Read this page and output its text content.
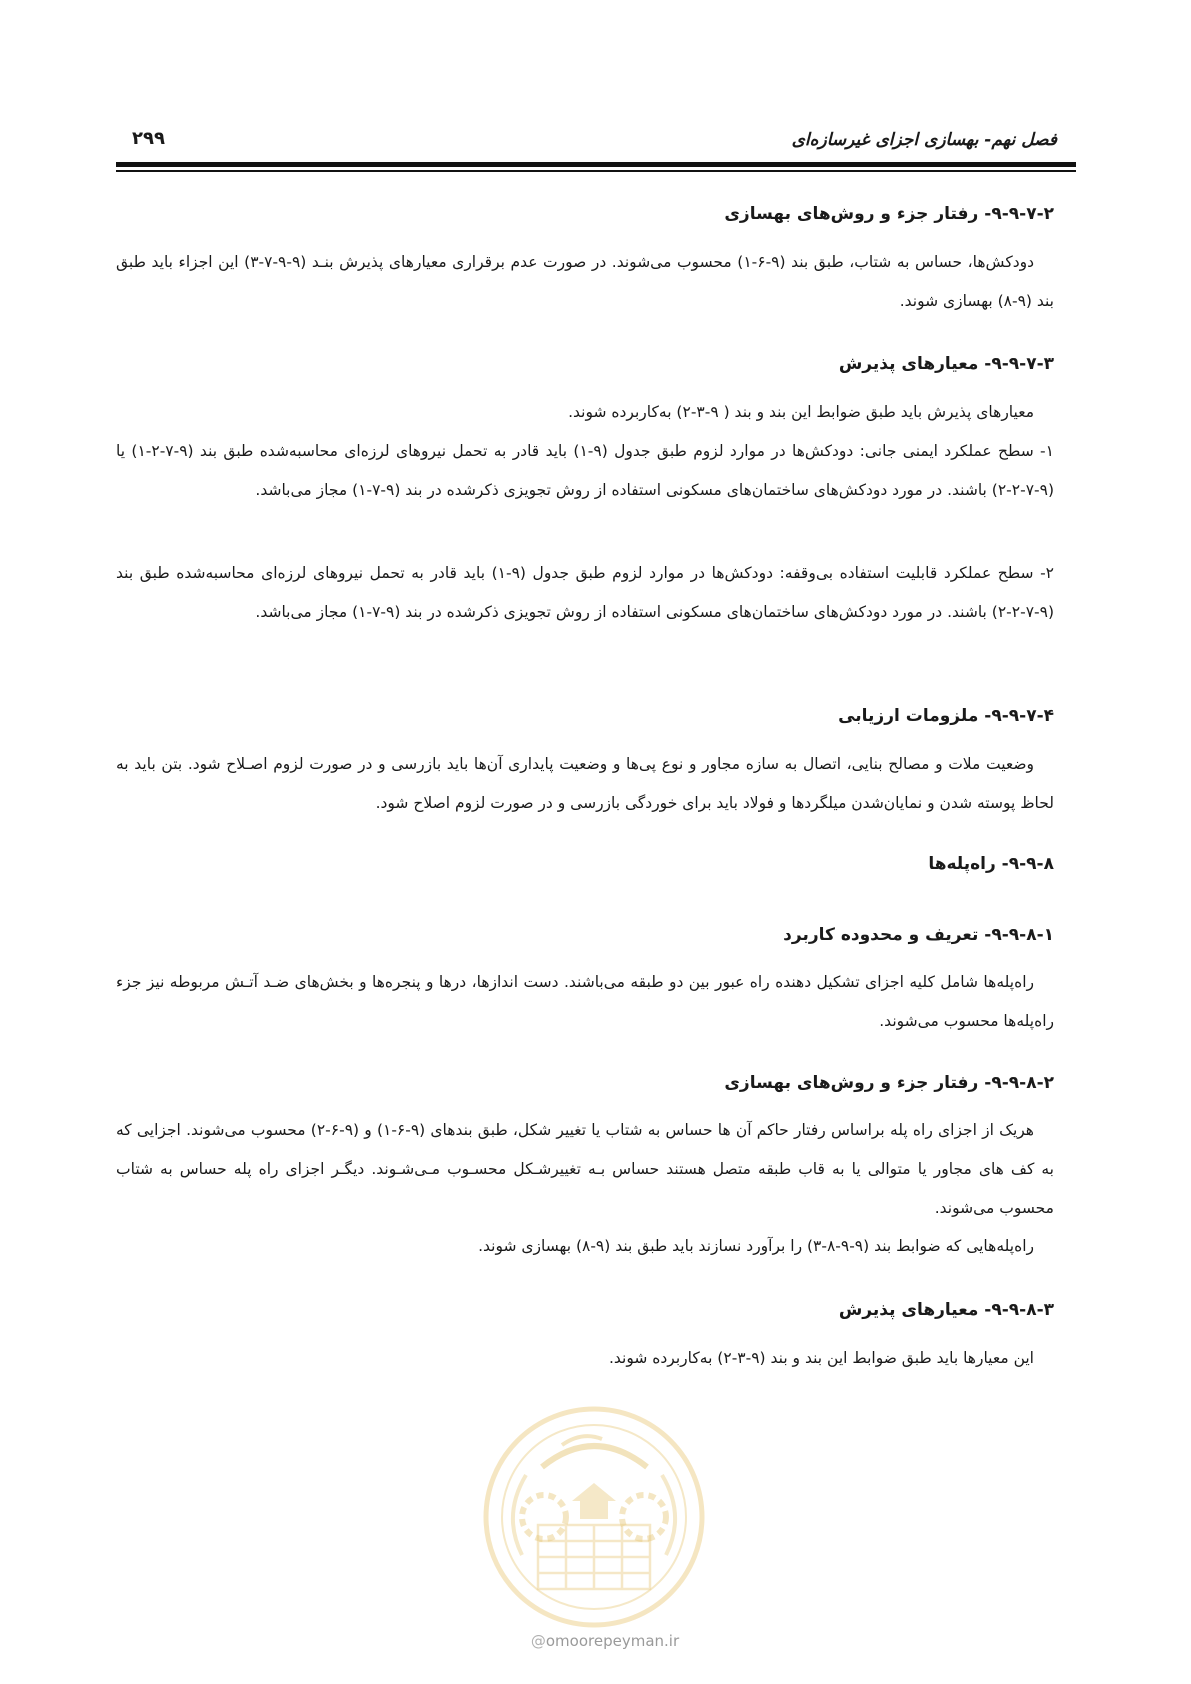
فصل نهم- بهسازی اجزای غیرسازه‌ای
۲۹۹
۹-۹-۷-۲- رفتار جزء و روش‌های بهسازی
دودکش‌ها، حساس به شتاب، طبق بند (۹-۶-۱) محسوب می‌شوند. در صورت عدم برقراری معیارهای پذیرش بنـد (۹-۹-۷-۳) این اجزاء باید طبق بند (۹-۸) بهسازی شوند.
۹-۹-۷-۳- معیارهای پذیرش
معیارهای پذیرش باید طبق ضوابط این بند و بند ( ۹-۳-۲) به‌کاربرده شوند.
۱- سطح عملکرد ایمنی جانی: دودکش‌ها در موارد لزوم طبق جدول (۹-۱) باید قادر به تحمل نیروهای لرزه‌ای محاسبه‌شده طبق بند (۹-۷-۲-۱) یا (۹-۷-۲-۲) باشند. در مورد دودکش‌های ساختمان‌های مسکونی استفاده از روش تجویزی ذکرشده در بند (۹-۷-۱) مجاز می‌باشد.
۲- سطح عملکرد قابلیت استفاده بی‌وقفه: دودکش‌ها در موارد لزوم طبق جدول (۹-۱) باید قادر به تحمل نیروهای لرزه‌ای محاسبه‌شده طبق بند (۹-۷-۲-۲) باشند. در مورد دودکش‌های ساختمان‌های مسکونی استفاده از روش تجویزی ذکرشده در بند (۹-۷-۱) مجاز می‌باشد.
۹-۹-۷-۴- ملزومات ارزیابی
وضعیت ملات و مصالح بنایی، اتصال به سازه مجاور و نوع پی‌ها و وضعیت پایداری آن‌ها باید بازرسی و در صورت لزوم اصـلاح شود. بتن باید به لحاظ پوسته شدن و نمایان‌شدن میلگردها و فولاد باید برای خوردگی بازرسی و در صورت لزوم اصلاح شود.
۹-۹-۸- راه‌پله‌ها
۹-۹-۸-۱- تعریف و محدوده کاربرد
راه‌پله‌ها شامل کلیه اجزای تشکیل دهنده راه عبور بین دو طبقه می‌باشند. دست اندازها، درها و پنجره‌ها و بخش‌های ضـد آتـش مربوطه نیز جزء راه‌پله‌ها محسوب می‌شوند.
۹-۹-۸-۲- رفتار جزء و روش‌های بهسازی
هریک از اجزای راه پله براساس رفتار حاکم آن ها حساس به شتاب یا تغییر شکل، طبق بندهای (۹-۶-۱) و (۹-۶-۲) محسوب می‌شوند. اجزایی که به کف های مجاور یا متوالی یا به قاب طبقه متصل هستند حساس بـه تغییرشـکل محسـوب مـی‌شـوند. دیگـر اجزای راه پله حساس به شتاب محسوب می‌شوند.
راه‌پله‌هایی که ضوابط بند (۹-۹-۸-۳) را برآورد نسازند باید طبق بند (۹-۸) بهسازی شوند.
۹-۹-۸-۳- معیارهای پذیرش
این معیارها باید طبق ضوابط این بند و بند (۹-۳-۲) به‌کاربرده شوند.
@omoorepeyman.ir
